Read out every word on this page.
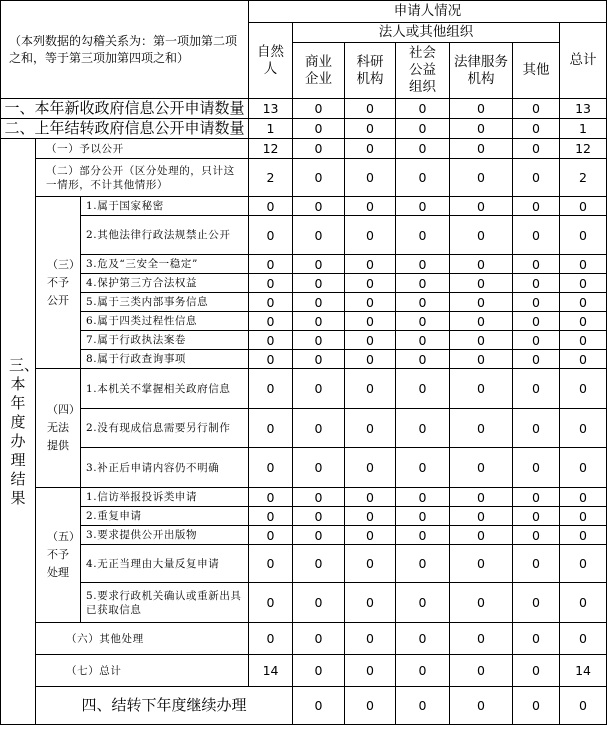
（本列数据的勾稽关系为：第一项加第二项之和，等于第三项加第四项之和）			申请人情况							
			自然人	法人或其他组织					总计	
				商业企业	科研机构	社会公益组织	法律服务机构	其他		
一、本年新收政府信息公开申请数量			13	0	0	0	0	0	13	
二、上年结转政府信息公开申请数量			1	0	0	0	0	0	1	
三、本年度办理结果	（一）予以公开		12	0	0	0	0	0	12	
	（二）部分公开（区分处理的，只计这一情形，不计其他情形）		2	0	0	0	0	0	2	
	（三）不予公开	1.属于国家秘密	0	0	0	0	0	0	0	
		2.其他法律行政法规禁止公开	0	0	0	0	0	0	0	
		3.危及“三安全一稳定”	0	0	0	0	0	0	0	
		4.保护第三方合法权益	0	0	0	0	0	0	0	
		5.属于三类内部事务信息	0	0	0	0	0	0	0	
		6.属于四类过程性信息	0	0	0	0	0	0	0	
		7.属于行政执法案卷	0	0	0	0	0	0	0	
		8.属于行政查询事项	0	0	0	0	0	0	0	
	（四）无法提供	1.本机关不掌握相关政府信息	0	0	0	0	0	0	0	
		2.没有现成信息需要另行制作	0	0	0	0	0	0	0	
		3.补正后申请内容仍不明确	0	0	0	0	0	0	0	
	（五）不予处理	1.信访举报投诉类申请	0	0	0	0	0	0	0	
		2.重复申请	0	0	0	0	0	0	0	
		3.要求提供公开出版物	0	0	0	0	0	0	0	
		4.无正当理由大量反复申请	0	0	0	0	0	0	0	
		5.要求行政机关确认或重新出具已获取信息	0	0	0	0	0	0	0	
	（六）其他处理		0	0	0	0	0	0	0	
	（七）总计		14	0	0	0	0	0	14	
	四、结转下年度继续办理			0	0	0	0	0	0	
